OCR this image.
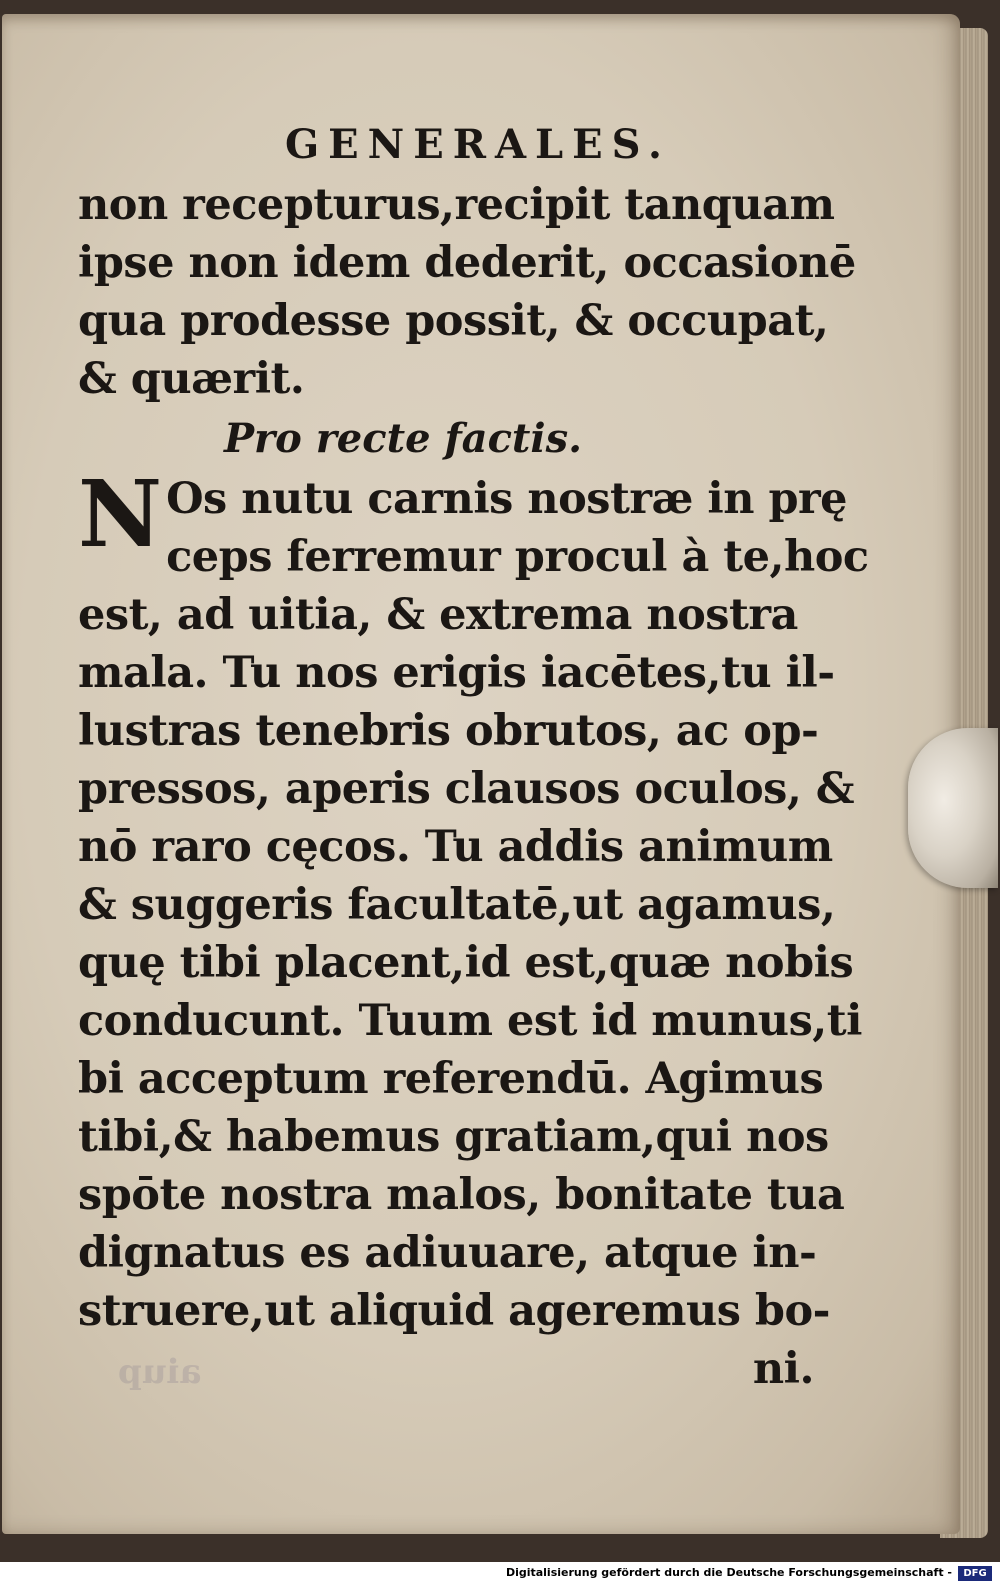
GENERALES.
non recepturus,recipit tanquam
ipse non idem dederit, occasionē
qua prodesse possit, & occupat,
& quærit.
Pro recte factis.
N Os nutu carnis nostræ in prę
ceps ferremur procul à te,hoc
est, ad uitia, & extrema nostra
mala. Tu nos erigis iacētes,tu il-
lustras tenebris obrutos, ac op-
pressos, aperis clausos oculos, &
nō raro cęcos. Tu addis animum
& suggeris facultatē,ut agamus,
quę tibi placent,id est,quæ nobis
conducunt. Tuum est id munus,ti
bi acceptum referendū. Agimus
tibi,& habemus gratiam,qui nos
spōte nostra malos, bonitate tua
dignatus es adiuuare, atque in-
struere,ut aliquid ageremus bo-
ni.
aiup
Digitalisierung gefördert durch die Deutsche Forschungsgemeinschaft -	DFG
